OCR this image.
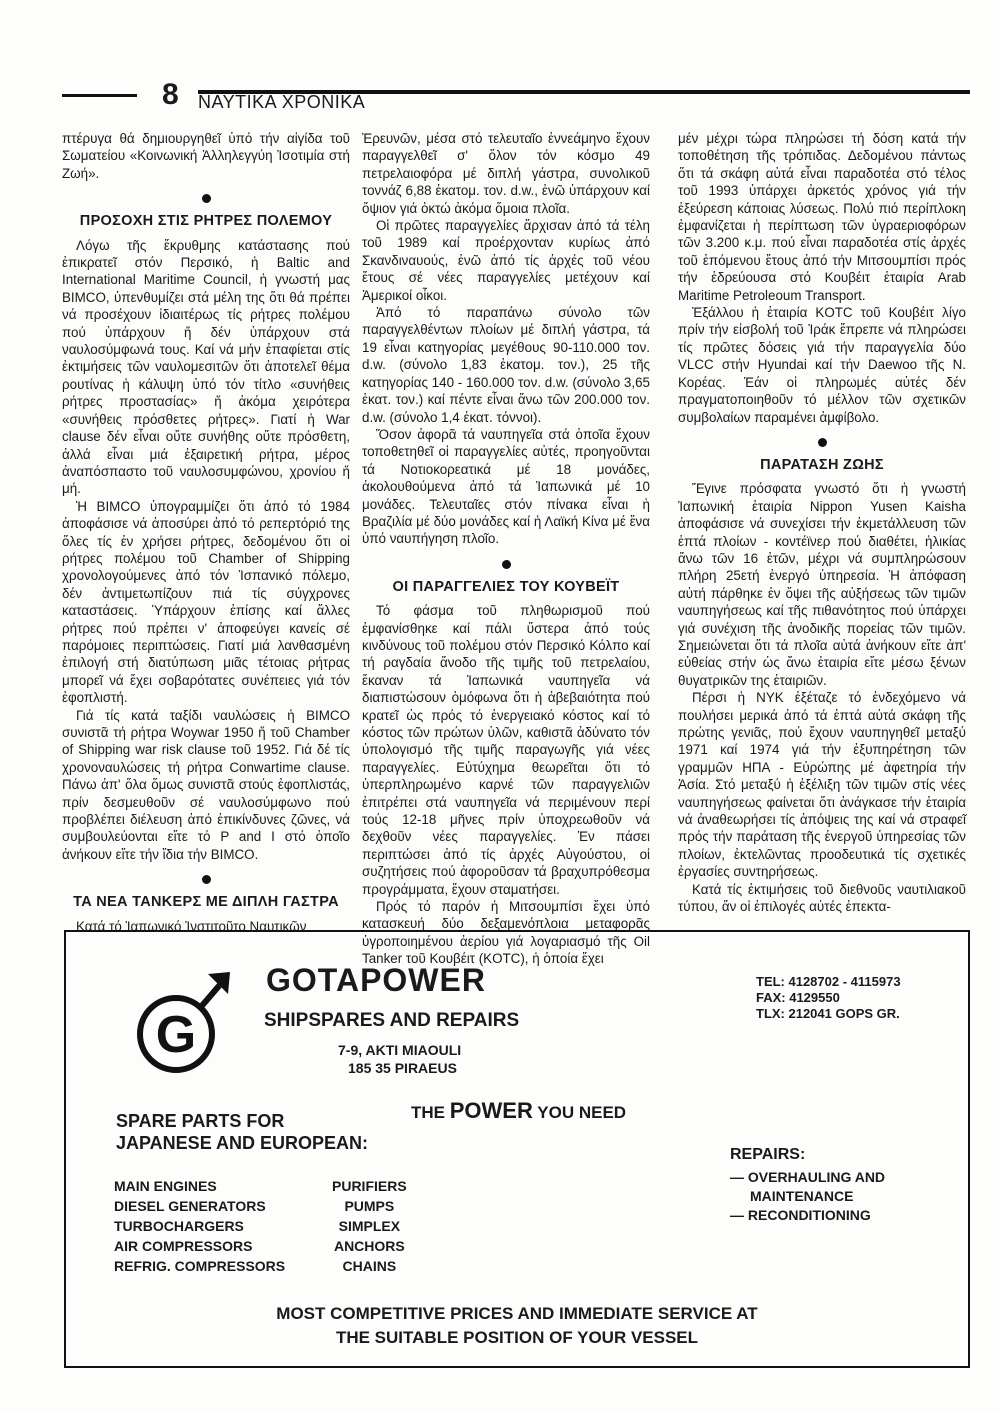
8 ΝΑΥΤΙΚΑ ΧΡΟΝΙΚΑ

πτέρυγα θά δημιουργηθεῖ ὑπό τήν αἰγίδα τοῦ Σωματείου «Κοινωνική Ἀλληλεγγύη Ἰσοτιμία στή Ζωή».

ΠΡΟΣΟΧΗ ΣΤΙΣ ΡΗΤΡΕΣ ΠΟΛΕΜΟΥ

Λόγω τῆς ἔκρυθμης κατάστασης πού ἐπικρατεῖ στόν Περσικό, ἡ Baltic and International Maritime Council, ἡ γνωστή μας BIMCO, ὑπενθυμίζει στά μέλη της ὅτι θά πρέπει νά προσέχουν ἰδιαιτέρως τίς ρήτρες πολέμου πού ὑπάρχουν ἤ δέν ὑπάρχουν στά ναυλοσύμφωνά τους. Καί νά μήν ἐπαφίεται στίς ἐκτιμήσεις τῶν ναυλομεσιτῶν ὅτι ἀποτελεῖ θέμα ρουτίνας ἡ κάλυψη ὑπό τόν τίτλο «συνήθεις ρήτρες προστασίας» ἤ ἀκόμα χειρότερα «συνήθεις πρόσθετες ρήτρες». Γιατί ἡ War clause δέν εἶναι οὔτε συνήθης οὔτε πρόσθετη, ἀλλά εἶναι μιά ἐξαιρετική ρήτρα, μέρος ἀναπόσπαστο τοῦ ναυλοσυμφώνου, χρονίου ἤ μή.

Ἡ BIMCO ὑπογραμμίζει ὅτι ἀπό τό 1984 ἀποφάσισε νά ἀποσύρει ἀπό τό ρεπερτόριό της ὅλες τίς ἐν χρήσει ρήτρες, δεδομένου ὅτι οἱ ρήτρες πολέμου τοῦ Chamber of Shipping χρονολογούμενες ἀπό τόν Ἰσπανικό πόλεμο, δέν ἀντιμετωπίζουν πιά τίς σύγχρονες καταστάσεις. Ὑπάρχουν ἐπίσης καί ἄλλες ρήτρες πού πρέπει ν' ἀποφεύγει κανείς σέ παρόμοιες περιπτώσεις. Γιατί μιά λανθασμένη ἐπιλογή στή διατύπωση μιᾶς τέτοιας ρήτρας μπορεῖ νά ἔχει σοβαρότατες συνέπειες γιά τόν ἐφοπλιστή.

Γιά τίς κατά ταξίδι ναυλώσεις ἡ BIMCO συνιστᾶ τή ρήτρα Woywar 1950 ἤ τοῦ Chamber of Shipping war risk clause τοῦ 1952. Γιά δέ τίς χρονοναυλώσεις τή ρήτρα Conwartime clause. Πάνω ἀπ' ὅλα ὅμως συνιστᾶ στούς ἐφοπλιστάς, πρίν δεσμευθοῦν σέ ναυλοσύμφωνο πού προβλέπει διέλευση ἀπό ἐπικίνδυνες ζῶνες, νά συμβουλεύονται εἴτε τό P and I στό ὁποῖο ἀνήκουν εἴτε τήν ἴδια τήν BIMCO.

ΤΑ ΝΕΑ ΤΑΝΚΕΡΣ ΜΕ ΔΙΠΛΗ ΓΑΣΤΡΑ

Κατά τό Ἰαπωνικό Ἰνστιτοῦτο Ναυτικῶν

Ἐρευνῶν, μέσα στό τελευταῖο ἐννεάμηνο ἔχουν παραγγελθεῖ σ' ὅλον τόν κόσμο 49 πετρελαιοφόρα μέ διπλή γάστρα, συνολικοῦ τοννάζ 6,88 ἑκατομ. τον. d.w., ἐνῶ ὑπάρχουν καί ὄψιον γιά ὀκτώ ἀκόμα ὅμοια πλοῖα.

Οἱ πρῶτες παραγγελίες ἄρχισαν ἀπό τά τέλη τοῦ 1989 καί προέρχονταν κυρίως ἀπό Σκανδιναυούς, ἐνῶ ἀπό τίς ἀρχές τοῦ νέου ἔτους σέ νέες παραγγελίες μετέχουν καί Ἀμερικοί οἶκοι.

Ἀπό τό παραπάνω σύνολο τῶν παραγγελθέντων πλοίων μέ διπλή γάστρα, τά 19 εἶναι κατηγορίας μεγέθους 90-110.000 τον. d.w. (σύνολο 1,83 ἑκατομ. τον.), 25 τῆς κατηγορίας 140 - 160.000 τον. d.w. (σύνολο 3,65 ἑκατ. τον.) καί πέντε εἶναι ἄνω τῶν 200.000 τον. d.w. (σύνολο 1,4 ἑκατ. τόννοι).

Ὅσον ἀφορᾶ τά ναυπηγεῖα στά ὁποῖα ἔχουν τοποθετηθεῖ οἱ παραγγελίες αὐτές, προηγοῦνται τά Νοτιοκορεατικά μέ 18 μονάδες, ἀκολουθούμενα ἀπό τά Ἰαπωνικά μέ 10 μονάδες. Τελευταῖες στόν πίνακα εἶναι ἡ Βραζιλία μέ δύο μονάδες καί ἡ Λαϊκή Κίνα μέ ἕνα ὑπό ναυπήγηση πλοῖο.

ΟΙ ΠΑΡΑΓΓΕΛΙΕΣ ΤΟΥ ΚΟΥΒΕΪΤ

Τό φάσμα τοῦ πληθωρισμοῦ πού ἐμφανίσθηκε καί πάλι ὕστερα ἀπό τούς κινδύνους τοῦ πολέμου στόν Περσικό Κόλπο καί τή ραγδαία ἄνοδο τῆς τιμῆς τοῦ πετρελαίου, ἔκαναν τά Ἰαπωνικά ναυπηγεῖα νά διαπιστώσουν ὁμόφωνα ὅτι ἡ ἀβεβαιότητα πού κρατεῖ ὡς πρός τό ἐνεργειακό κόστος καί τό κόστος τῶν πρώτων ὑλῶν, καθιστᾶ ἀδύνατο τόν ὑπολογισμό τῆς τιμῆς παραγωγῆς γιά νέες παραγγελίες. Εὐτύχημα θεωρεῖται ὅτι τό ὑπερπληρωμένο καρνέ τῶν παραγγελιῶν ἐπιτρέπει στά ναυπηγεῖα νά περιμένουν περί τούς 12-18 μῆνες πρίν ὑποχρεωθοῦν νά δεχθοῦν νέες παραγγελίες. Ἐν πάσει περιπτώσει ἀπό τίς ἀρχές Αὐγούστου, οἱ συζητήσεις πού ἀφοροῦσαν τά βραχυπρόθεσμα προγράμματα, ἔχουν σταματήσει.

Πρός τό παρόν ἡ Μιτσουμπίσι ἔχει ὑπό κατασκευή δύο δεξαμενόπλοια μεταφορᾶς ὑγροποιημένου ἀερίου γιά λογαριασμό τῆς Oil Tanker τοῦ Κουβέιτ (KOTC), ἡ ὁποία ἔχει

μέν μέχρι τώρα πληρώσει τή δόση κατά τήν τοποθέτηση τῆς τρόπιδας. Δεδομένου πάντως ὅτι τά σκάφη αὐτά εἶναι παραδοτέα στό τέλος τοῦ 1993 ὑπάρχει ἀρκετός χρόνος γιά τήν ἐξεύρεση κάποιας λύσεως. Πολύ πιό περίπλοκη ἐμφανίζεται ἡ περίπτωση τῶν ὑγραεριοφόρων τῶν 3.200 κ.μ. πού εἶναι παραδοτέα στίς ἀρχές τοῦ ἑπόμενου ἔτους ἀπό τήν Μιτσουμπίσι πρός τήν ἑδρεύουσα στό Κουβέιτ ἑταιρία Arab Maritime Petroleoum Transport.

Ἐξάλλου ἡ ἑταιρία KOTC τοῦ Κουβέιτ λίγο πρίν τήν εἰσβολή τοῦ Ἰράκ ἔπρεπε νά πληρώσει τίς πρῶτες δόσεις γιά τήν παραγγελία δύο VLCC στήν Hyundai καί τήν Daewoo τῆς Ν. Κορέας. Ἐάν οἱ πληρωμές αὐτές δέν πραγματοποιηθοῦν τό μέλλον τῶν σχετικῶν συμβολαίων παραμένει ἀμφίβολο.

ΠΑΡΑΤΑΣΗ ΖΩΗΣ

Ἔγινε πρόσφατα γνωστό ὅτι ἡ γνωστή Ἰαπωνική ἑταιρία Nippon Yusen Kaisha ἀποφάσισε νά συνεχίσει τήν ἐκμετάλλευση τῶν ἑπτά πλοίων - κοντέϊνερ πού διαθέτει, ἡλικίας ἄνω τῶν 16 ἐτῶν, μέχρι νά συμπληρώσουν πλήρη 25ετή ἐνεργό ὑπηρεσία. Ἡ ἀπόφαση αὐτή πάρθηκε ἐν ὄψει τῆς αὐξήσεως τῶν τιμῶν ναυπηγήσεως καί τῆς πιθανότητος πού ὑπάρχει γιά συνέχιση τῆς ἀνοδικῆς πορείας τῶν τιμῶν. Σημειώνεται ὅτι τά πλοῖα αὐτά ἀνήκουν εἴτε ἀπ' εὐθείας στήν ὡς ἄνω ἑταιρία εἴτε μέσω ξένων θυγατρικῶν της ἑταιριῶν.

Πέρσι ἡ NYK ἐξέταζε τό ἐνδεχόμενο νά πουλήσει μερικά ἀπό τά ἑπτά αὐτά σκάφη τῆς πρώτης γενιᾶς, πού ἔχουν ναυπηγηθεῖ μεταξύ 1971 καί 1974 γιά τήν ἐξυπηρέτηση τῶν γραμμῶν ΗΠΑ - Εὐρώπης μέ ἀφετηρία τήν Ἀσία. Στό μεταξύ ἡ ἐξέλιξη τῶν τιμῶν στίς νέες ναυπηγήσεως φαίνεται ὅτι ἀνάγκασε τήν ἑταιρία νά ἀναθεωρήσει τίς ἀπόψεις της καί νά στραφεῖ πρός τήν παράταση τῆς ἐνεργοῦ ὑπηρεσίας τῶν πλοίων, ἐκτελῶντας προοδευτικά τίς σχετικές ἐργασίες συντηρήσεως.

Κατά τίς ἐκτιμήσεις τοῦ διεθνοῦς ναυτιλιακοῦ τύπου, ἄν οἱ ἐπιλογές αὐτές ἐπεκτα-

G
GOTAPOWER
SHIPSPARES AND REPAIRS
7-9, AKTI MIAOULI
185 35 PIRAEUS
TEL: 4128702 - 4115973
FAX: 4129550
TLX: 212041 GOPS GR.
THE POWER YOU NEED
SPARE PARTS FOR
JAPANESE AND EUROPEAN:
MAIN ENGINES
DIESEL GENERATORS
TURBOCHARGERS
AIR COMPRESSORS
REFRIG. COMPRESSORS
PURIFIERS
PUMPS
SIMPLEX
ANCHORS
CHAINS
REPAIRS:
— OVERHAULING AND
MAINTENANCE
— RECONDITIONING
MOST COMPETITIVE PRICES AND IMMEDIATE SERVICE AT
THE SUITABLE POSITION OF YOUR VESSEL
